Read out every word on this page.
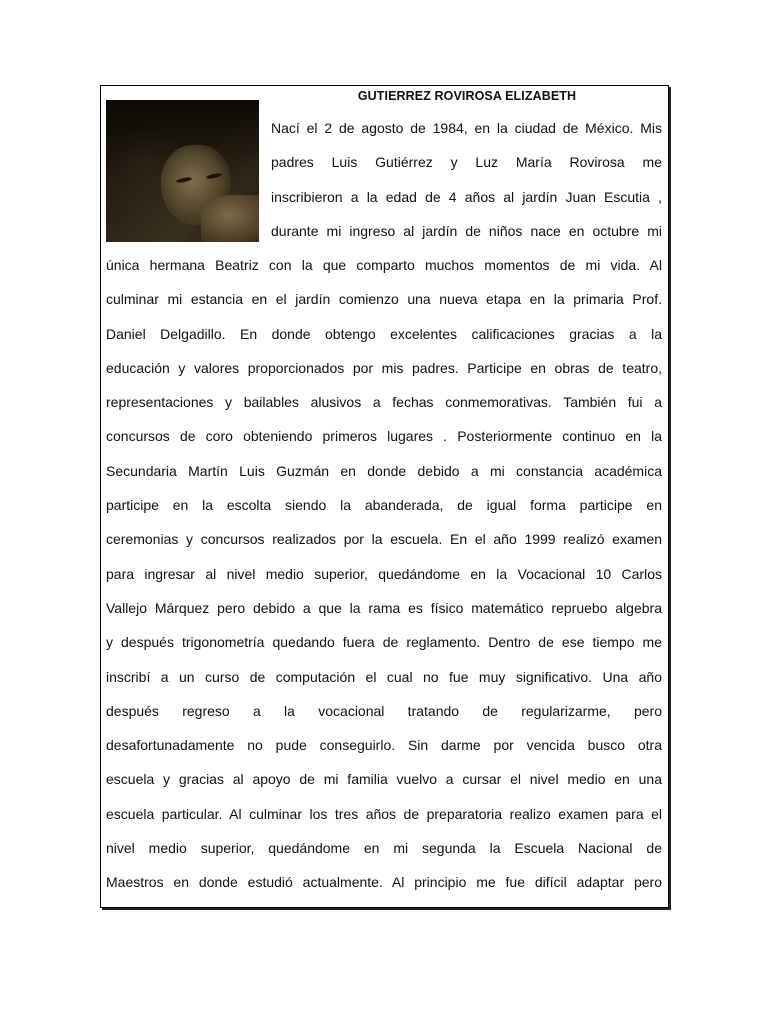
GUTIERREZ ROVIROSA ELIZABETH
Nací el 2 de agosto de 1984, en la ciudad de México. Mis
padres Luis Gutiérrez y Luz María Rovirosa me
inscribieron a la edad de 4 años al jardín Juan Escutia ,
durante mi ingreso al jardín de niños nace en octubre mi
única hermana Beatriz con la que comparto muchos momentos de mi vida. Al
culminar mi estancia en el jardín comienzo una nueva etapa en la primaria Prof.
Daniel Delgadillo. En donde obtengo excelentes calificaciones gracias a la
educación y valores proporcionados por mis padres. Participe en obras de teatro,
representaciones y bailables alusivos a fechas conmemorativas. También fui a
concursos de coro obteniendo primeros lugares . Posteriormente continuo en la
Secundaria Martín Luis Guzmán en donde debido a mi constancia académica
participe en la escolta siendo la abanderada, de igual forma participe en
ceremonias y concursos realizados por la escuela. En el año 1999 realizó examen
para ingresar al nivel medio superior, quedándome en la Vocacional 10 Carlos
Vallejo Márquez pero debido a que la rama es físico matemático repruebo algebra
y después trigonometría quedando fuera de reglamento. Dentro de ese tiempo me
inscribí a un curso de computación el cual no fue muy significativo. Una año
después regreso a la vocacional tratando de regularizarme, pero
desafortunadamente no pude conseguirlo. Sin darme por vencida busco otra
escuela y gracias al apoyo de mi familia vuelvo a cursar el nivel medio en una
escuela particular. Al culminar los tres años de preparatoria realizo examen para el
nivel medio superior, quedándome en mi segunda la Escuela Nacional de
Maestros en donde estudió actualmente. Al principio me fue difícil adaptar pero
